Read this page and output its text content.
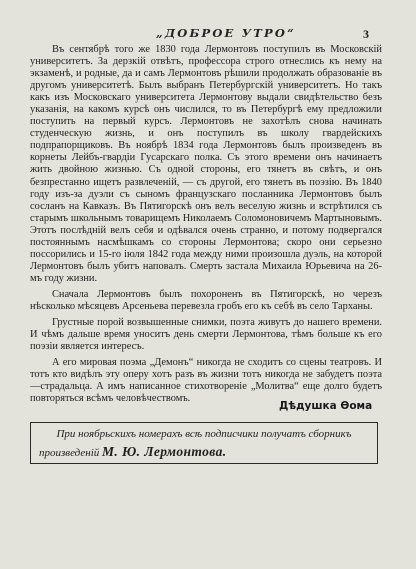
„ДОБРОЕ УТРО“	3

Въ сентябрѣ того же 1830 года Лермонтовъ поступилъ въ Московскій университетъ. За дерзкій отвѣтъ, профессора строго отнеслись къ нему на экзаменѣ, и родные, да и самъ Лермонтовъ рѣшили продолжать образованіе въ другомъ университетѣ. Былъ выбранъ Петербургскій университетъ. Но такъ какъ изъ Московскаго университета Лермонтову выдали свидѣтельство безъ указанія, на какомъ курсѣ онъ числился, то въ Петербургѣ ему предложили поступить на первый курсъ. Лермонтовъ не захотѣлъ снова начинать студенческую жизнь, и онъ поступилъ въ школу гвардейскихъ подпрапорщиковъ. Въ ноябрѣ 1834 года Лермонтовъ былъ произведенъ въ корнеты Лейбъ-гвардіи Гусарскаго полка. Съ этого времени онъ начинаетъ жить двойною жизнью. Съ одной стороны, его тянетъ въ свѣтъ, и онъ безпрестанно ищетъ развлеченій, — съ другой, его тянетъ въ поэзію. Въ 1840 году изъ-за дуэли съ сыномъ французскаго посланника Лермонтовъ былъ сосланъ на Кавказъ. Въ Пятигорскѣ онъ велъ веселую жизнь и встрѣтился съ старымъ школьнымъ товарищемъ Николаемъ Соломоновичемъ Мартыновымъ. Этотъ послѣдній велъ себя и одѣвался очень странно, и потому подвергался постояннымъ насмѣшкамъ со стороны Лермонтова; скоро они серьезно поссорились и 15-го іюля 1842 года между ними произошла дуэль, на которой Лермонтовъ былъ убитъ наповалъ. Смерть застала Михаила Юрьевича на 26-мъ году жизни.

Сначала Лермонтовъ былъ похороненъ въ Пятигорскѣ, но черезъ нѣсколько мѣсяцевъ Арсеньева перевезла гробъ его къ себѣ въ село Тарханы.

Грустные порой возвышенные снимки, поэта живутъ до нашего времени. И чѣмъ дальше время уноситъ день смерти Лермонтова, тѣмъ больше къ его поэзіи является интересъ.

А его мировая поэма „Демонъ“ никогда не сходитъ со сцены театровъ. И тотъ кто видѣлъ эту оперу хотъ разъ въ жизни тотъ никогда не забудетъ поэта—страдальца. А имъ написанное стихотвореніе „Молитва“ еще долго будетъ повторяться всѣмъ человѣчествомъ.

Дѣдушка Ѳома
При ноябрьскихъ номерахъ всѣ подписчики получатъ сборникъ
произведеній М. Ю. Лермонтова.
